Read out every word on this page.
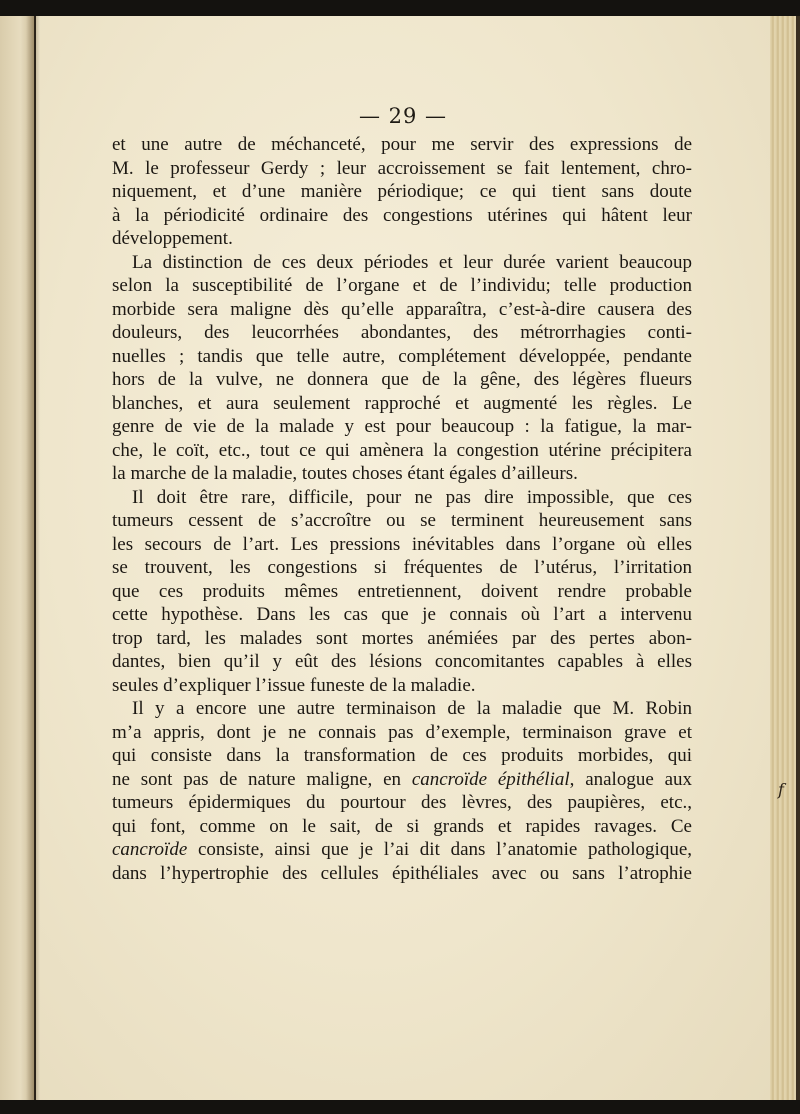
— 29 —

et une autre de méchanceté, pour me servir des expressions de

M. le professeur Gerdy ; leur accroissement se fait lentement, chro-

niquement, et d’une manière périodique; ce qui tient sans doute

à la périodicité ordinaire des congestions utérines qui hâtent leur

développement.

La distinction de ces deux périodes et leur durée varient beaucoup

selon la susceptibilité de l’organe et de l’individu; telle production

morbide sera maligne dès qu’elle apparaîtra, c’est-à-dire causera des

douleurs, des leucorrhées abondantes, des métrorrhagies conti-

nuelles ; tandis que telle autre, complétement développée, pendante

hors de la vulve, ne donnera que de la gêne, des légères flueurs

blanches, et aura seulement rapproché et augmenté les règles. Le

genre de vie de la malade y est pour beaucoup : la fatigue, la mar-

che, le coït, etc., tout ce qui amènera la congestion utérine précipitera

la marche de la maladie, toutes choses étant égales d’ailleurs.

Il doit être rare, difficile, pour ne pas dire impossible, que ces

tumeurs cessent de s’accroître ou se terminent heureusement sans

les secours de l’art. Les pressions inévitables dans l’organe où elles

se trouvent, les congestions si fréquentes de l’utérus, l’irritation

que ces produits mêmes entretiennent, doivent rendre probable

cette hypothèse. Dans les cas que je connais où l’art a intervenu

trop tard, les malades sont mortes anémiées par des pertes abon-

dantes, bien qu’il y eût des lésions concomitantes capables à elles

seules d’expliquer l’issue funeste de la maladie.

Il y a encore une autre terminaison de la maladie que M. Robin

m’a appris, dont je ne connais pas d’exemple, terminaison grave et

qui consiste dans la transformation de ces produits morbides, qui

ne sont pas de nature maligne, en cancroïde épithélial, analogue aux

tumeurs épidermiques du pourtour des lèvres, des paupières, etc.,

qui font, comme on le sait, de si grands et rapides ravages. Ce

cancroïde consiste, ainsi que je l’ai dit dans l’anatomie pathologique,

dans l’hypertrophie des cellules épithéliales avec ou sans l’atrophie

f
